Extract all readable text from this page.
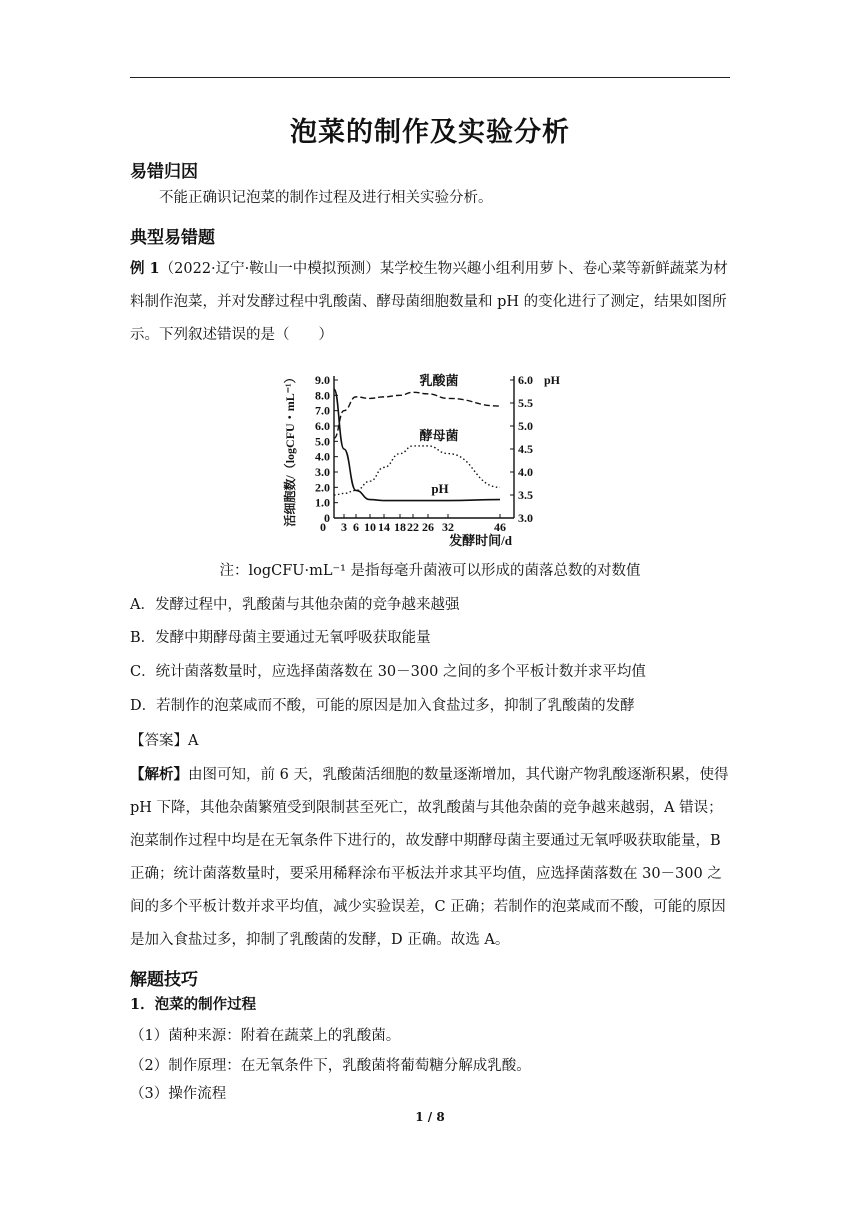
泡菜的制作及实验分析
易错归因
不能正确识记泡菜的制作过程及进行相关实验分析。
典型易错题
例 1（2022·辽宁·鞍山一中模拟预测）某学校生物兴趣小组利用萝卜、卷心菜等新鲜蔬菜为材料制作泡菜，并对发酵过程中乳酸菌、酵母菌细胞数量和 pH 的变化进行了测定，结果如图所示。下列叙述错误的是（　　）
0
1.0
2.0
3.0
4.0
5.0
6.0
7.0
8.0
9.0
3.0
3.5
4.0
4.5
5.0
5.5
6.0
3 6 10 14 18 22 26 32	46
0
pH
发酵时间/d
活细胞数/（logCFU・mL⁻¹）	乳酸菌
酵母菌
pH
注：logCFU·mL⁻¹ 是指每毫升菌液可以形成的菌落总数的对数值
A．发酵过程中，乳酸菌与其他杂菌的竞争越来越强
B．发酵中期酵母菌主要通过无氧呼吸获取能量
C．统计菌落数量时，应选择菌落数在 30－300 之间的多个平板计数并求平均值
D．若制作的泡菜咸而不酸，可能的原因是加入食盐过多，抑制了乳酸菌的发酵
【答案】A
【解析】由图可知，前 6 天，乳酸菌活细胞的数量逐渐增加，其代谢产物乳酸逐渐积累，使得 pH 下降，其他杂菌繁殖受到限制甚至死亡，故乳酸菌与其他杂菌的竞争越来越弱，A 错误；泡菜制作过程中均是在无氧条件下进行的，故发酵中期酵母菌主要通过无氧呼吸获取能量，B 正确；统计菌落数量时，要采用稀释涂布平板法并求其平均值，应选择菌落数在 30－300 之间的多个平板计数并求平均值，减少实验误差，C 正确；若制作的泡菜咸而不酸，可能的原因是加入食盐过多，抑制了乳酸菌的发酵，D 正确。故选 A。
解题技巧
1．泡菜的制作过程
（1）菌种来源：附着在蔬菜上的乳酸菌。
（2）制作原理：在无氧条件下，乳酸菌将葡萄糖分解成乳酸。
（3）操作流程
1 / 8
